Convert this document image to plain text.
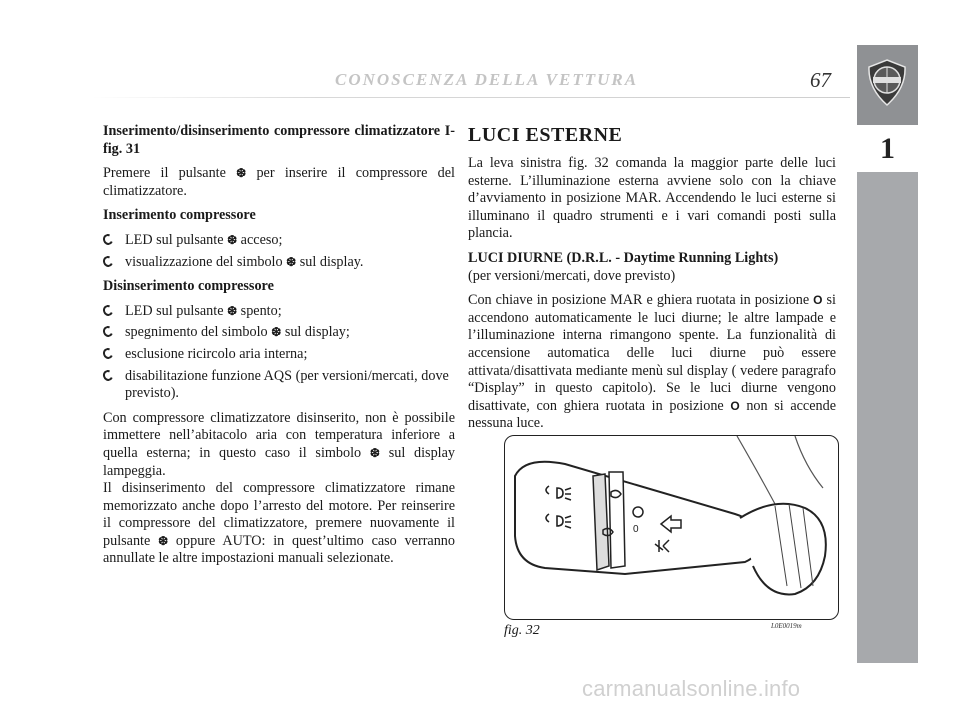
CONOSCENZA DELLA VETTURA	67
1

Inserimento/disinserimento compressore climatizzatore I-fig. 31

Premere il pulsante ❆ per inserire il compressore del climatizzatore.

Inserimento compressore

LED sul pulsante ❆ acceso;
visualizzazione del simbolo ❆ sul display.

Disinserimento compressore

LED sul pulsante ❆ spento;
spegnimento del simbolo ❆ sul display;
esclusione ricircolo aria interna;
disabilitazione funzione AQS (per versioni/mercati, dove previsto).

Con compressore climatizzatore disinserito, non è possibile immettere nell’abitacolo aria con temperatura inferiore a quella esterna; in questo caso il simbolo ❆ sul display lampeggia.

Il disinserimento del compressore climatizzatore rimane memorizzato anche dopo l’arresto del motore. Per reinserire il compressore del climatizzatore, premere nuovamente il pulsante ❆ oppure AUTO: in quest’ultimo caso verranno annullate le altre impostazioni manuali selezionate.

LUCI ESTERNE

La leva sinistra fig. 32 comanda la maggior parte delle luci esterne. L’illuminazione esterna avviene solo con la chiave d’avviamento in posizione MAR. Accendendo le luci esterne si illuminano il quadro strumenti e i vari comandi posti sulla plancia.

LUCI DIURNE (D.R.L. - Daytime Running Lights)

(per versioni/mercati, dove previsto)

Con chiave in posizione MAR e ghiera ruotata in posizione O si accendono automaticamente le luci diurne; le altre lampade e l’illuminazione interna rimangono spente. La funzionalità di accensione automatica delle luci diurne può essere attivata/disattivata mediante menù sul display ( vedere paragrafo “Display” in questo capitolo). Se le luci diurne vengono disattivate, con ghiera ruotata in posizione O non si accende nessuna luce.

0
fig. 32	L0E0019m
carmanualsonline.info
